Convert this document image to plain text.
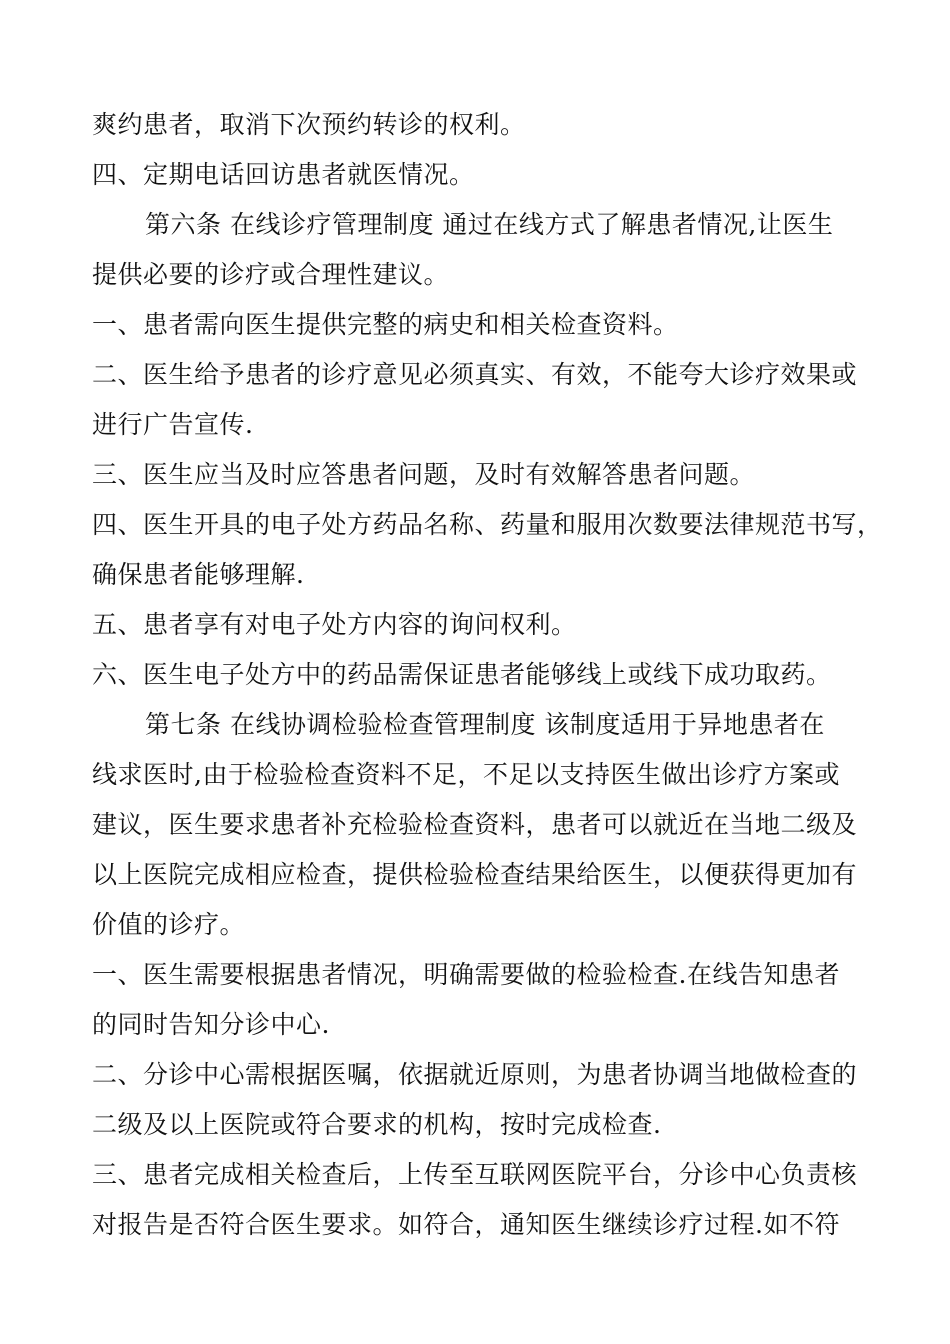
爽约患者，取消下次预约转诊的权利。
四、定期电话回访患者就医情况。
第六条 在线诊疗管理制度 通过在线方式了解患者情况,让医生
提供必要的诊疗或合理性建议。
一、患者需向医生提供完整的病史和相关检查资料。
二、医生给予患者的诊疗意见必须真实、有效，不能夸大诊疗效果或
进行广告宣传.
三、医生应当及时应答患者问题，及时有效解答患者问题。
四、医生开具的电子处方药品名称、药量和服用次数要法律规范书写，
确保患者能够理解.
五、患者享有对电子处方内容的询问权利。
六、医生电子处方中的药品需保证患者能够线上或线下成功取药。
第七条 在线协调检验检查管理制度 该制度适用于异地患者在
线求医时,由于检验检查资料不足，不足以支持医生做出诊疗方案或
建议，医生要求患者补充检验检查资料，患者可以就近在当地二级及
以上医院完成相应检查，提供检验检查结果给医生，以便获得更加有
价值的诊疗。
一、医生需要根据患者情况，明确需要做的检验检查.在线告知患者
的同时告知分诊中心.
二、分诊中心需根据医嘱，依据就近原则，为患者协调当地做检查的
二级及以上医院或符合要求的机构，按时完成检查.
三、患者完成相关检查后，上传至互联网医院平台，分诊中心负责核
对报告是否符合医生要求。如符合，通知医生继续诊疗过程.如不符
